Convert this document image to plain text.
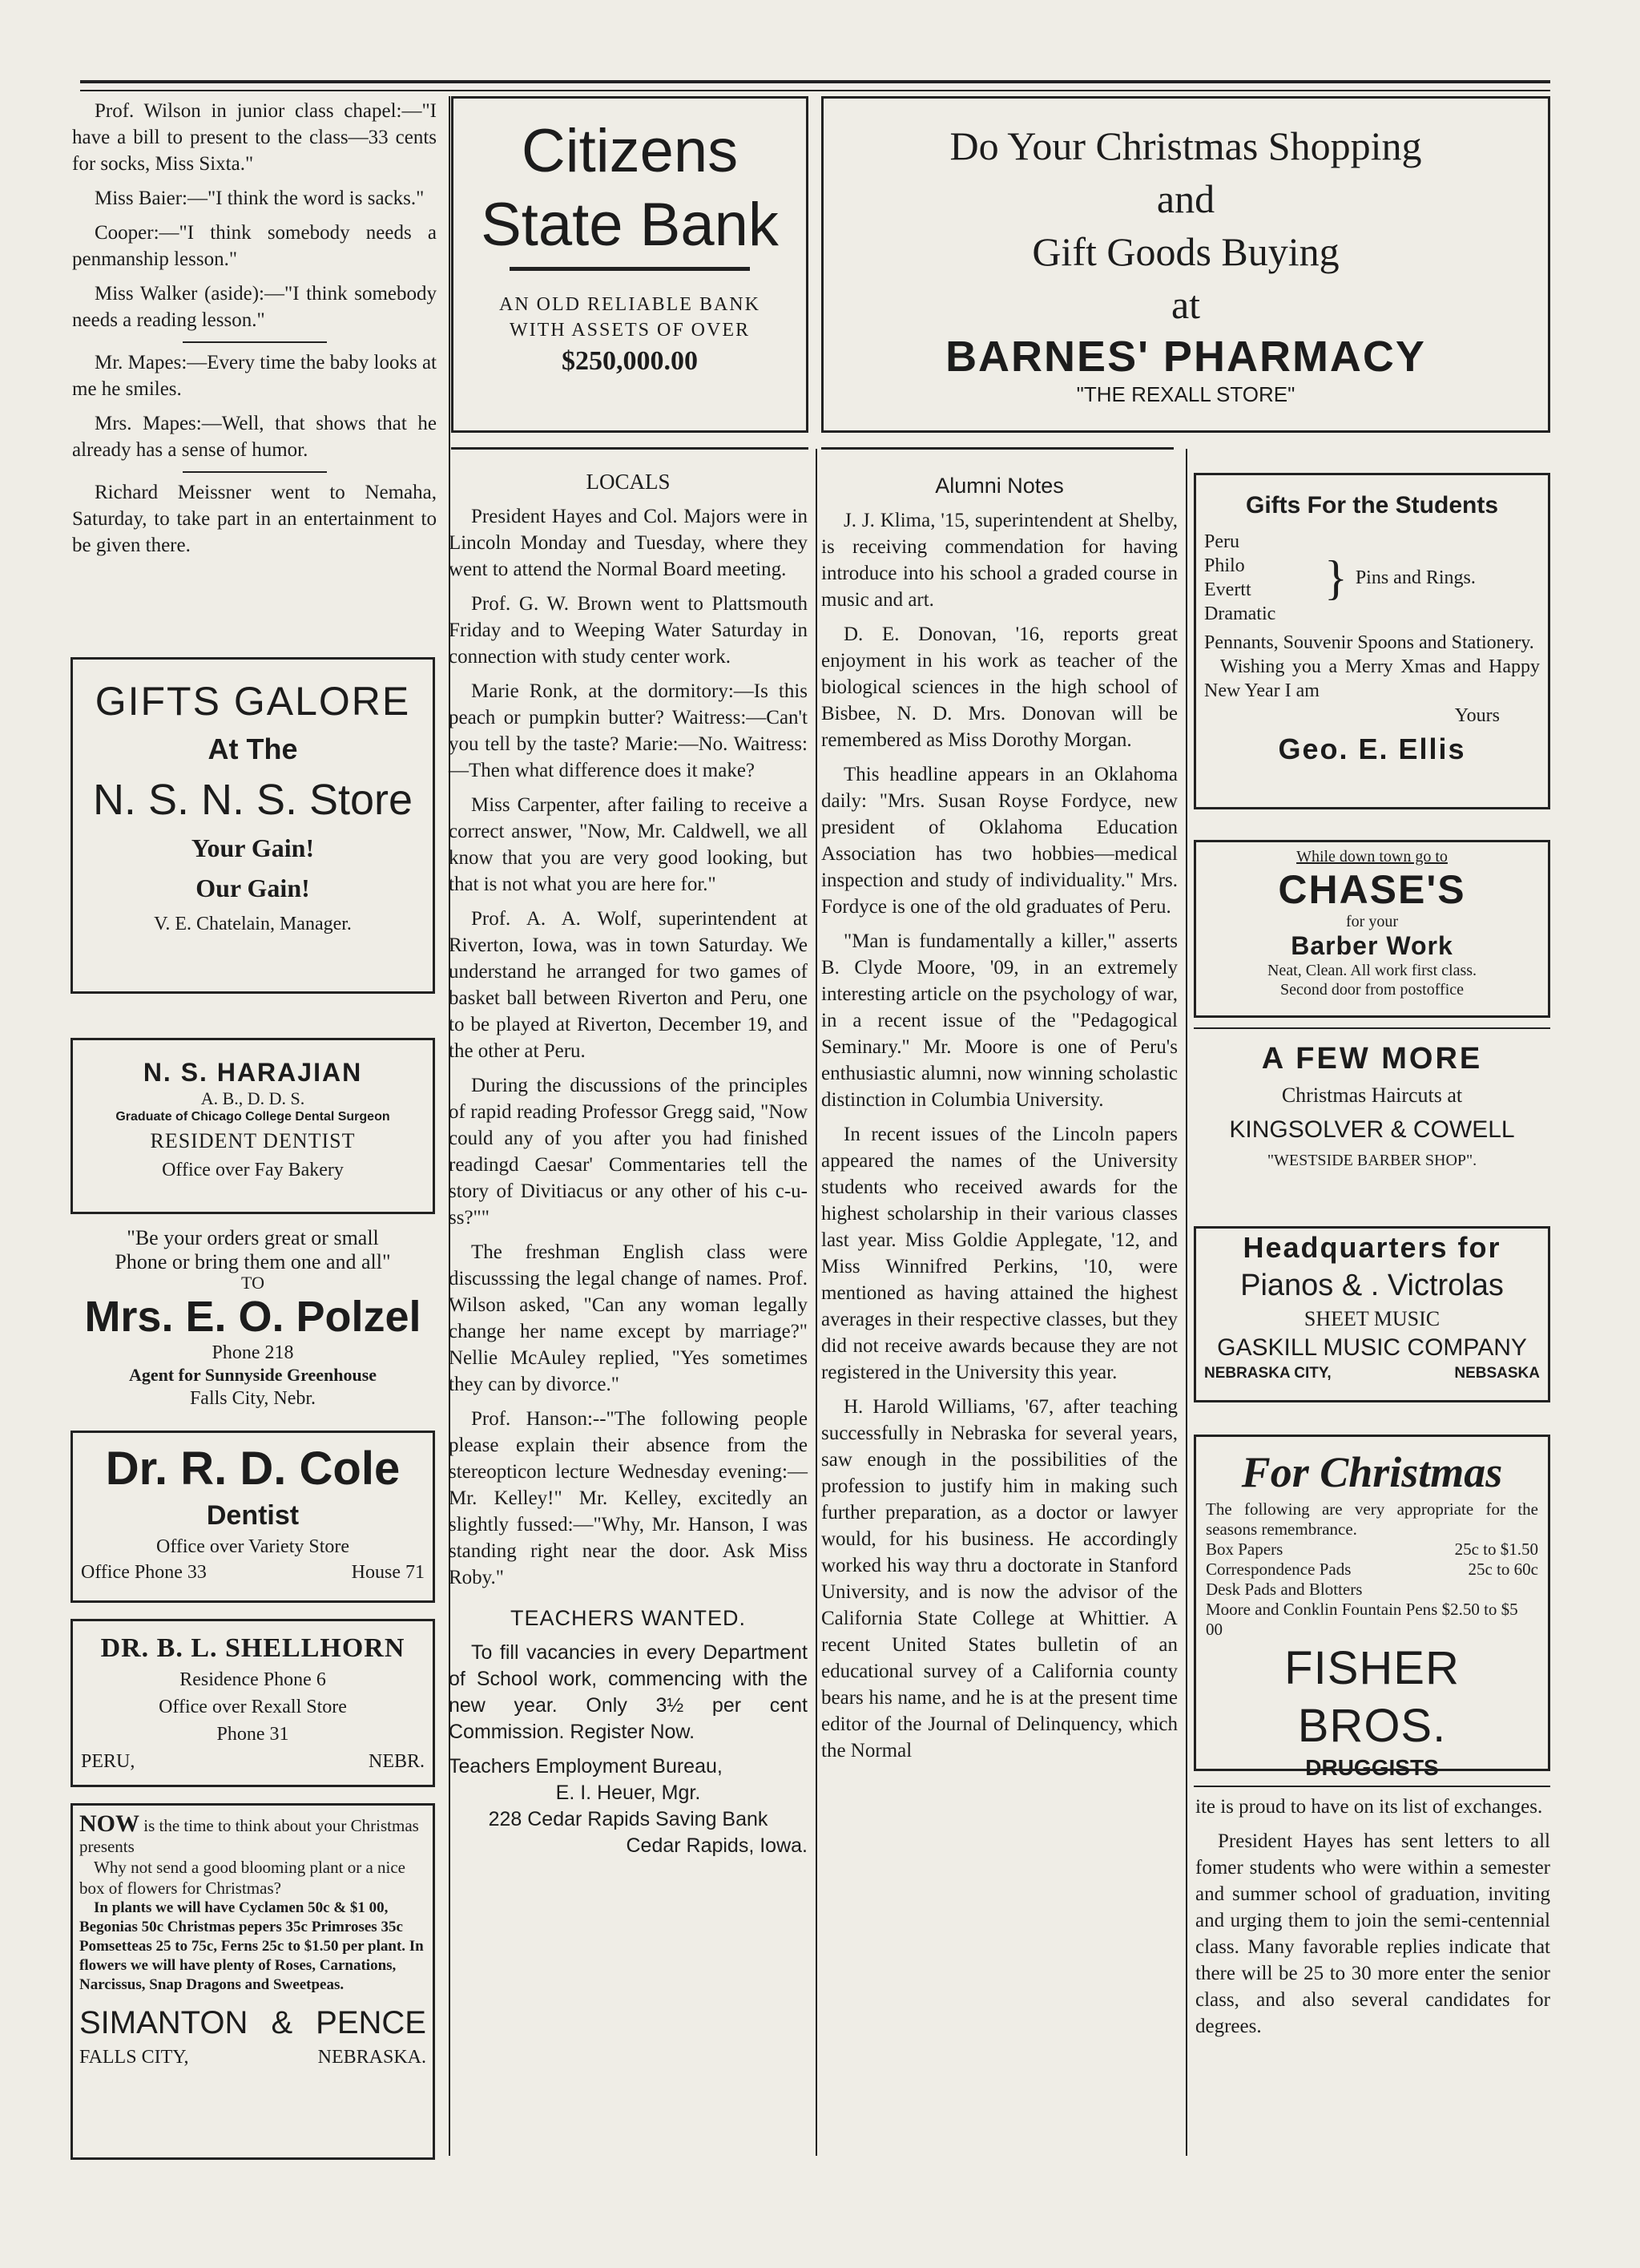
Prof. Wilson in junior class chapel:—"I have a bill to present to the class—33 cents for socks, Miss Sixta."

Miss Baier:—"I think the word is sacks."

Cooper:—"I think somebody needs a penmanship lesson."

Miss Walker (aside):—"I think somebody needs a reading lesson."

Mr. Mapes:—Every time the baby looks at me he smiles.

Mrs. Mapes:—Well, that shows that he already has a sense of humor.

Richard Meissner went to Nemaha, Saturday, to take part in an entertainment to be given there.

GIFTS GALORE
At The
N. S. N. S. Store
Your Gain!
Our Gain!
V. E. Chatelain, Manager.
N. S. HARAJIAN
A. B., D. D. S.
Graduate of Chicago College Dental Surgeon
RESIDENT DENTIST
Office over Fay Bakery
"Be your orders great or small
Phone or bring them one and all"
TO
Mrs. E. O. Polzel
Phone 218
Agent for Sunnyside Greenhouse
Falls City, Nebr.
Dr. R. D. Cole
Dentist
Office over Variety Store
Office Phone 33	House 71
DR. B. L. SHELLHORN
Residence Phone 6
Office over Rexall Store
Phone 31
PERU,	NEBR.
NOW is the time to think about your Christmas presents
Why not send a good blooming plant or a nice box of flowers for Christmas?
In plants we will have Cyclamen 50c & $1 00, Begonias 50c Christmas pepers 35c Primroses 35c Pomsetteas 25 to 75c, Ferns 25c to $1.50 per plant. In flowers we will have plenty of Roses, Carnations, Narcissus, Snap Dragons and Sweetpeas.
SIMANTON & PENCE
FALLS CITY,	NEBRASKA.
Citizens
State Bank
AN OLD RELIABLE BANK
WITH ASSETS OF OVER
$250,000.00
Do Your Christmas Shopping
and
Gift Goods Buying
at
BARNES' PHARMACY
"THE REXALL STORE"

LOCALS

President Hayes and Col. Majors were in Lincoln Monday and Tuesday, where they went to attend the Normal Board meeting.

Prof. G. W. Brown went to Plattsmouth Friday and to Weeping Water Saturday in connection with study center work.

Marie Ronk, at the dormitory:—Is this peach or pumpkin butter? Waitress:—Can't you tell by the taste? Marie:—No. Waitress: —Then what difference does it make?

Miss Carpenter, after failing to receive a correct answer, "Now, Mr. Caldwell, we all know that you are very good looking, but that is not what you are here for."

Prof. A. A. Wolf, superintendent at Riverton, Iowa, was in town Saturday. We understand he arranged for two games of basket ball between Riverton and Peru, one to be played at Riverton, December 19, and the other at Peru.

During the discussions of the principles of rapid reading Professor Gregg said, "Now could any of you after you had finished readingd Caesar' Commentaries tell the story of Divitiacus or any other of his c-u-ss?""

The freshman English class were discusssing the legal change of names. Prof. Wilson asked, "Can any woman legally change her name except by marriage?" Nellie McAuley replied, "Yes sometimes they can by divorce."

Prof. Hanson:--"The following people please explain their absence from the stereopticon lecture Wednesday evening:—Mr. Kelley!" Mr. Kelley, excitedly an slightly fussed:—"Why, Mr. Hanson, I was standing right near the door. Ask Miss Roby."

TEACHERS WANTED.

To fill vacancies in every Department of School work, commencing with the new year. Only 3½ per cent Commission. Register Now.

Teachers Employment Bureau,
E. I. Heuer, Mgr.
228 Cedar Rapids Saving Bank
Cedar Rapids, Iowa.

Alumni Notes

J. J. Klima, '15, superintendent at Shelby, is receiving commendation for having introduce into his school a graded course in music and art.

D. E. Donovan, '16, reports great enjoyment in his work as teacher of the biological sciences in the high school of Bisbee, N. D. Mrs. Donovan will be remembered as Miss Dorothy Morgan.

This headline appears in an Oklahoma daily: "Mrs. Susan Royse Fordyce, new president of Oklahoma Education Association has two hobbies—medical inspection and study of individuality." Mrs. Fordyce is one of the old graduates of Peru.

"Man is fundamentally a killer," asserts B. Clyde Moore, '09, in an extremely interesting article on the psychology of war, in a recent issue of the "Pedagogical Seminary." Mr. Moore is one of Peru's enthusiastic alumni, now winning scholastic distinction in Columbia University.

In recent issues of the Lincoln papers appeared the names of the University students who received awards for the highest scholarship in their various classes last year. Miss Goldie Applegate, '12, and Miss Winnifred Perkins, '10, were mentioned as having attained the highest averages in their respective classes, but they did not receive awards because they are not registered in the University this year.

H. Harold Williams, '67, after teaching successfully in Nebraska for several years, saw enough in the possibilities of the profession to justify him in making such further preparation, as a doctor or lawyer would, for his business. He accordingly worked his way thru a doctorate in Stanford University, and is now the advisor of the California State College at Whittier. A recent United States bulletin of an educational survey of a California county bears his name, and he is at the present time editor of the Journal of Delinquency, which the Normal

Gifts For the Students
Peru
Philo
Evertt
Dramatic
} Pins and Rings.
Pennants, Souvenir Spoons and Stationery.
Wishing you a Merry Xmas and Happy New Year I am
Yours
Geo. E. Ellis
While down town go to
CHASE'S
for your
Barber Work
Neat, Clean. All work first class.
Second door from postoffice
A FEW MORE
Christmas Haircuts at
KINGSOLVER & COWELL
"WESTSIDE BARBER SHOP".
Headquarters for
Pianos & . Victrolas
SHEET MUSIC
GASKILL MUSIC COMPANY
NEBRASKA CITY,	NEBSASKA
For Christmas
The following are very appropriate for the seasons remembrance.
Box Papers	25c to $1.50
Correspondence Pads	25c to 60c
Desk Pads and Blotters
Moore and Conklin Fountain Pens $2.50 to $5 00
FISHER BROS.
DRUGGISTS

ite is proud to have on its list of exchanges.

President Hayes has sent letters to all fomer students who were within a semester and summer school of graduation, inviting and urging them to join the semi-centennial class. Many favorable replies indicate that there will be 25 to 30 more enter the senior class, and also several candidates for degrees.
